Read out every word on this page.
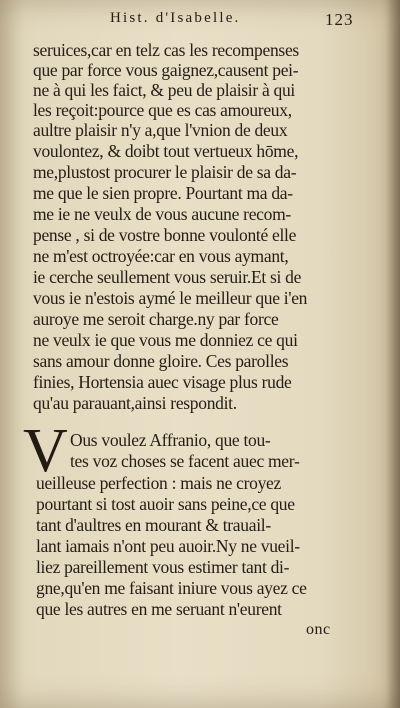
Hist. d'Isabelle.	123
seruices,car en telz cas les recompenses
que par force vous gaignez,causent pei-
ne à qui les faict, & peu de plaisir à qui
les reçoit:pource que es cas amoureux,
aultre plaisir n'y a,que l'vnion de deux
voulontez, & doibt tout vertueux hōme,
me,plustost procurer le plaisir de sa da-
me que le sien propre. Pourtant ma da-
me ie ne veulx de vous aucune recom-
pense , si de vostre bonne voulonté elle
ne m'est octroyée:car en vous aymant,
ie cerche seullement vous seruir.Et si de
vous ie n'estois aymé le meilleur que i'en
auroye me seroit charge.ny par force
ne veulx ie que vous me donniez ce qui
sans amour donne gloire. Ces parolles
finies, Hortensia auec visage plus rude
qu'au parauant,ainsi respondit.
V Ous voulez Affranio, que tou-
tes voz choses se facent auec mer-
ueilleuse perfection : mais ne croyez
pourtant si tost auoir sans peine,ce que
tant d'aultres en mourant & trauail-
lant iamais n'ont peu auoir.Ny ne vueil-
liez pareillement vous estimer tant di-
gne,qu'en me faisant iniure vous ayez ce
que les autres en me seruant n'eurent
onc
